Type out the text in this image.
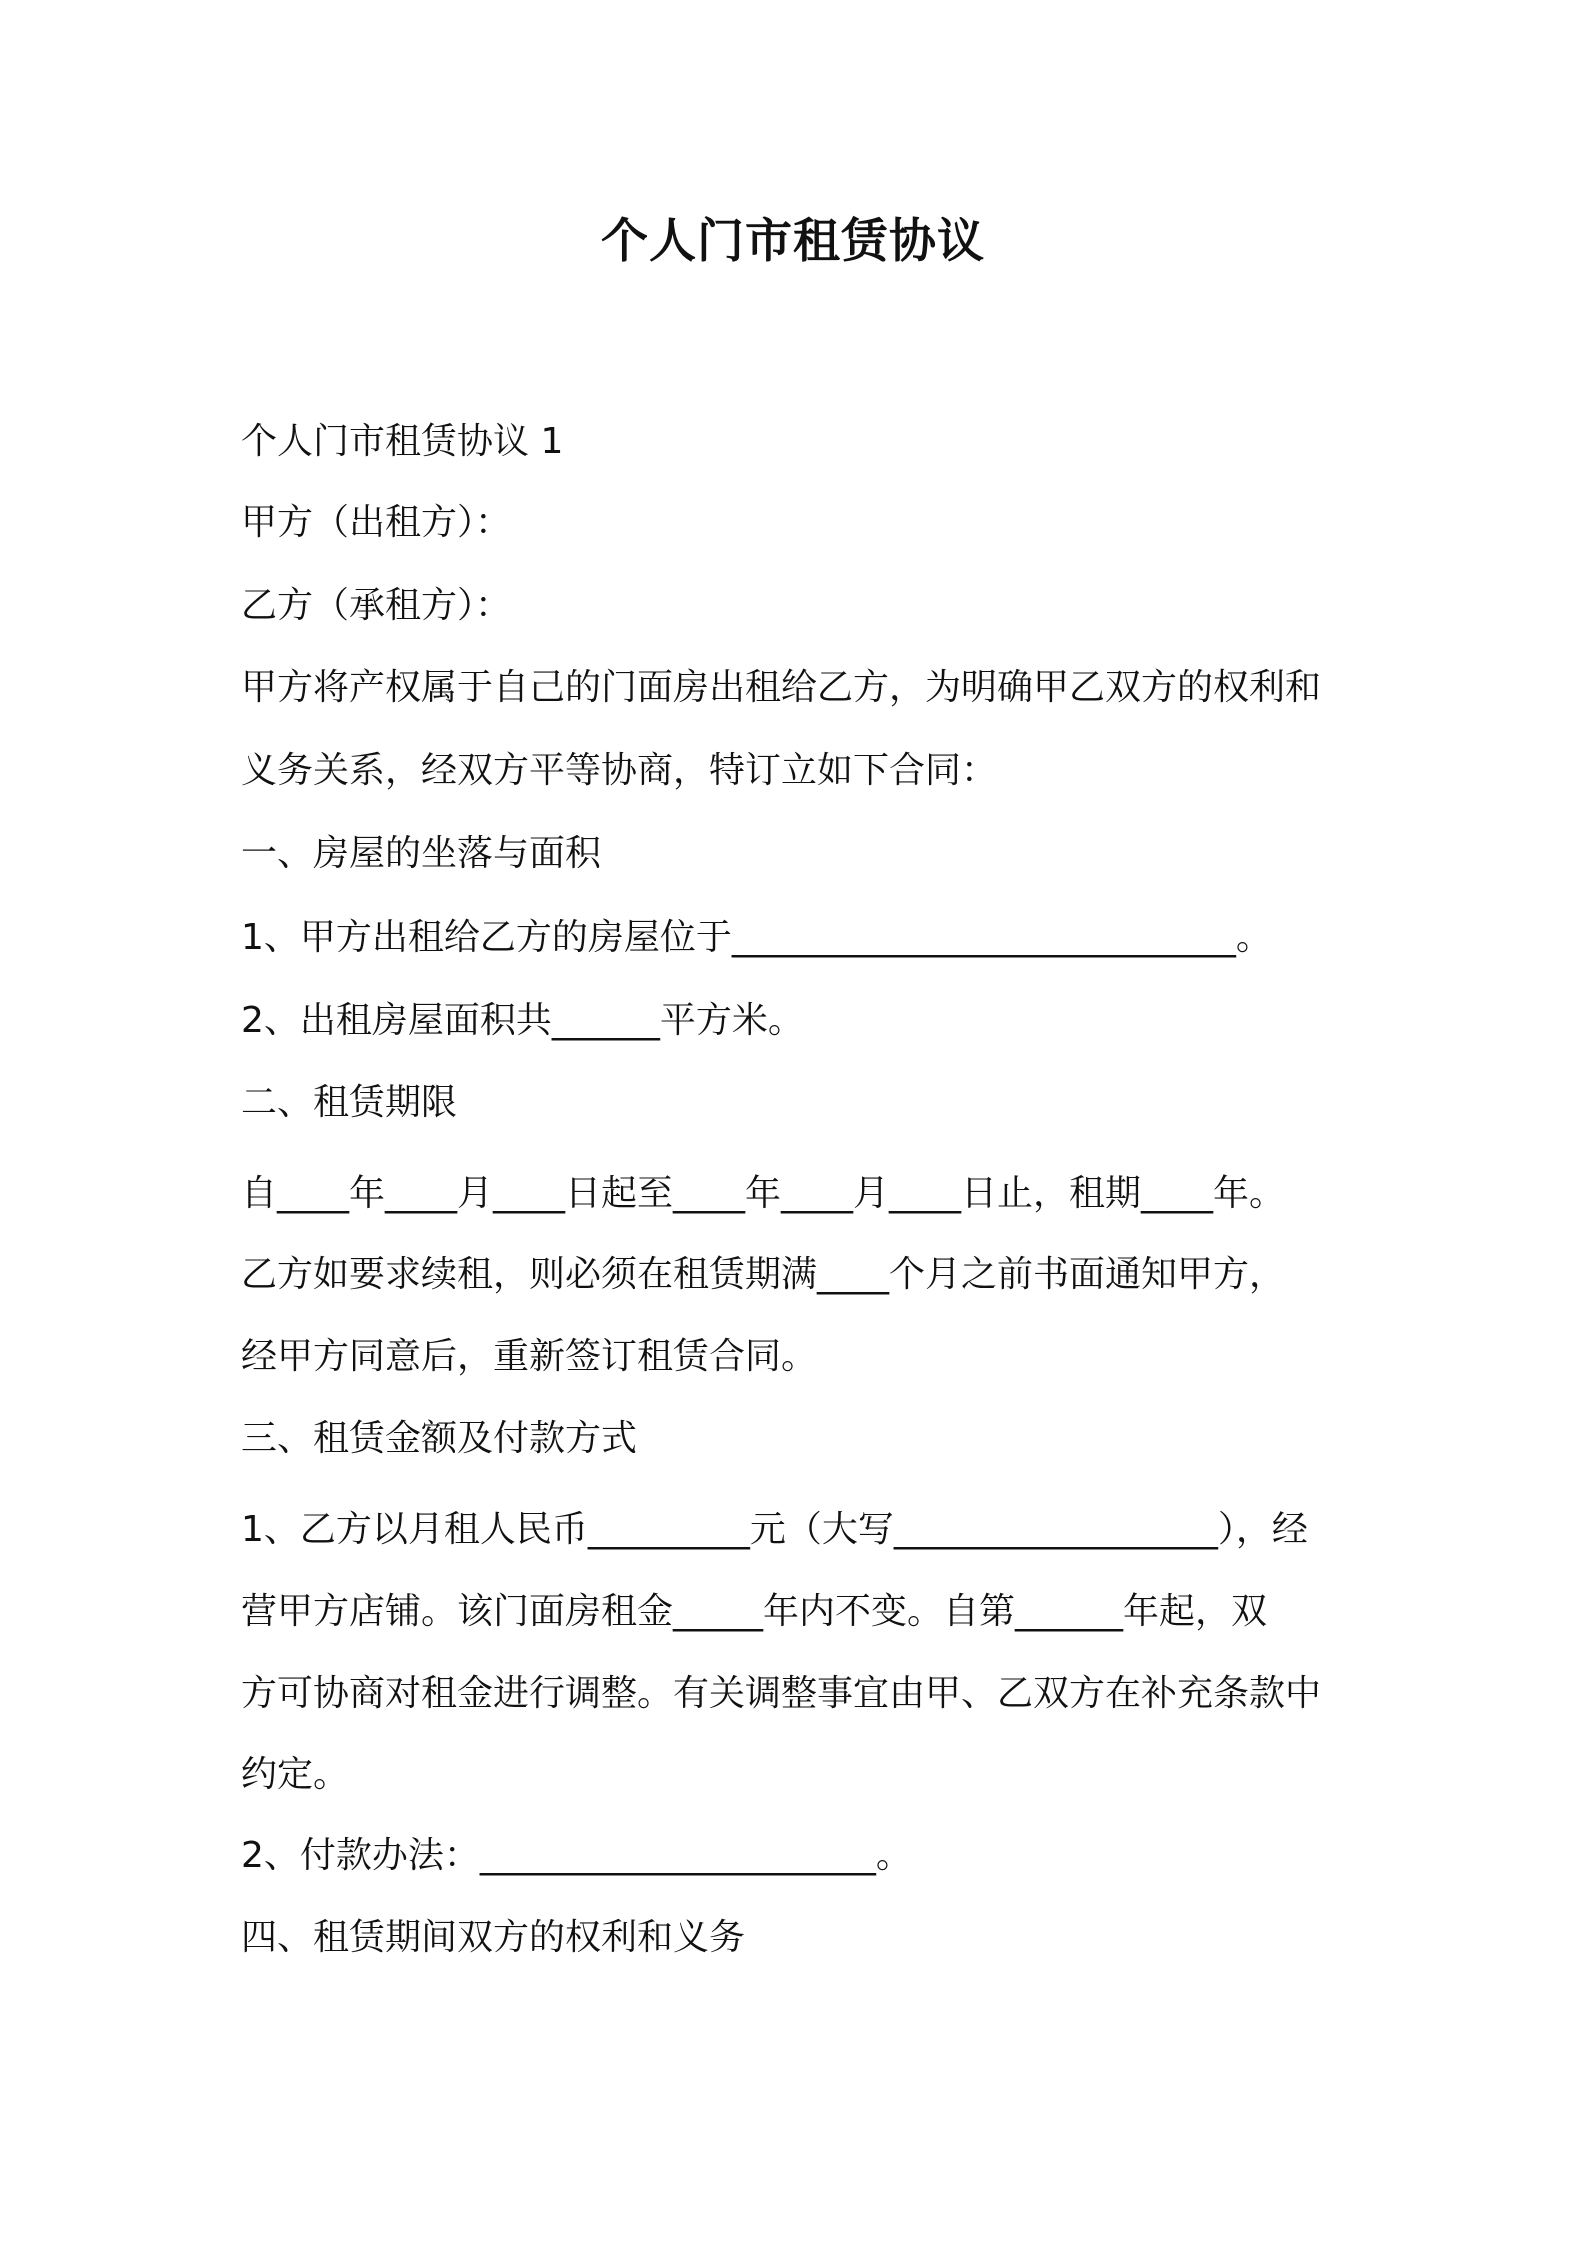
个人门市租赁协议
个人门市租赁协议 1
甲方（出租方）：
乙方（承租方）：
甲方将产权属于自己的门面房出租给乙方，为明确甲乙双方的权利和
义务关系，经双方平等协商，特订立如下合同：
一、房屋的坐落与面积
1、甲方出租给乙方的房屋位于____________________________。
2、出租房屋面积共______平方米。
二、租赁期限
自____年____月____日起至____年____月____日止，租期____年。
乙方如要求续租，则必须在租赁期满____个月之前书面通知甲方，
经甲方同意后，重新签订租赁合同。
三、租赁金额及付款方式
1、乙方以月租人民币_________元（大写__________________），经
营甲方店铺。该门面房租金_____年内不变。自第______年起，双
方可协商对租金进行调整。有关调整事宜由甲、乙双方在补充条款中
约定。
2、付款办法：______________________。
四、租赁期间双方的权利和义务
